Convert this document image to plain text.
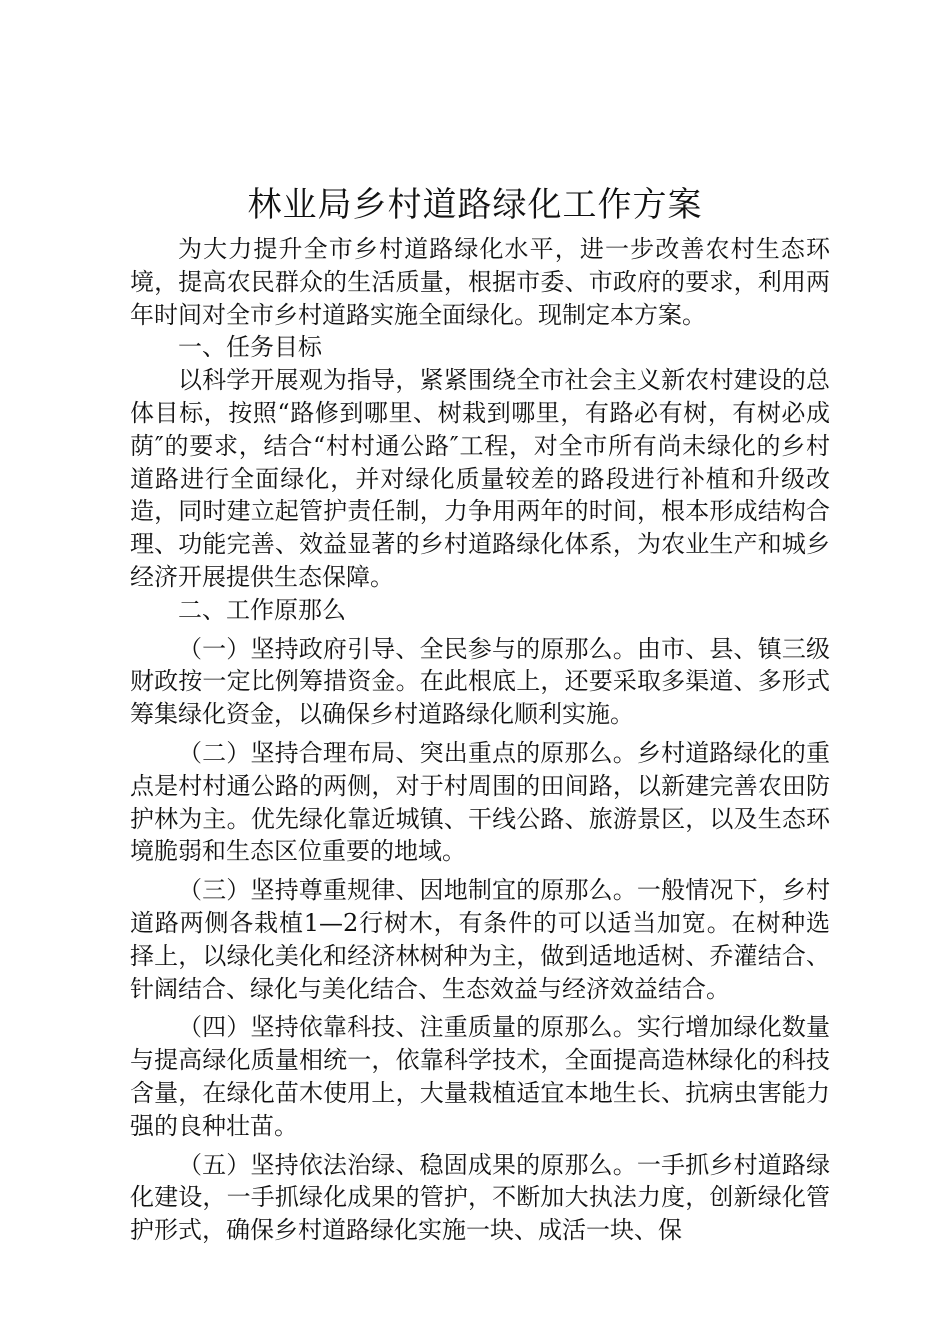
林业局乡村道路绿化工作方案

为大力提升全市乡村道路绿化水平，进一步改善农村生态环境，提高农民群众的生活质量，根据市委、市政府的要求，利用两年时间对全市乡村道路实施全面绿化。现制定本方案。

一、任务目标

以科学开展观为指导，紧紧围绕全市社会主义新农村建设的总体目标，按照“路修到哪里、树栽到哪里，有路必有树，有树必成荫″的要求，结合“村村通公路″工程，对全市所有尚未绿化的乡村道路进行全面绿化，并对绿化质量较差的路段进行补植和升级改造，同时建立起管护责任制，力争用两年的时间，根本形成结构合理、功能完善、效益显著的乡村道路绿化体系，为农业生产和城乡经济开展提供生态保障。

二、工作原那么

（一）坚持政府引导、全民参与的原那么。由市、县、镇三级财政按一定比例筹措资金。在此根底上，还要采取多渠道、多形式筹集绿化资金，以确保乡村道路绿化顺利实施。

（二）坚持合理布局、突出重点的原那么。乡村道路绿化的重点是村村通公路的两侧，对于村周围的田间路，以新建完善农田防护林为主。优先绿化靠近城镇、干线公路、旅游景区，以及生态环境脆弱和生态区位重要的地域。

（三）坚持尊重规律、因地制宜的原那么。一般情况下，乡村道路两侧各栽植1—2行树木，有条件的可以适当加宽。在树种选择上，以绿化美化和经济林树种为主，做到适地适树、乔灌结合、针阔结合、绿化与美化结合、生态效益与经济效益结合。

（四）坚持依靠科技、注重质量的原那么。实行增加绿化数量与提高绿化质量相统一，依靠科学技术，全面提高造林绿化的科技含量，在绿化苗木使用上，大量栽植适宜本地生长、抗病虫害能力强的良种壮苗。

（五）坚持依法治绿、稳固成果的原那么。一手抓乡村道路绿化建设，一手抓绿化成果的管护，不断加大执法力度，创新绿化管护形式，确保乡村道路绿化实施一块、成活一块、保
